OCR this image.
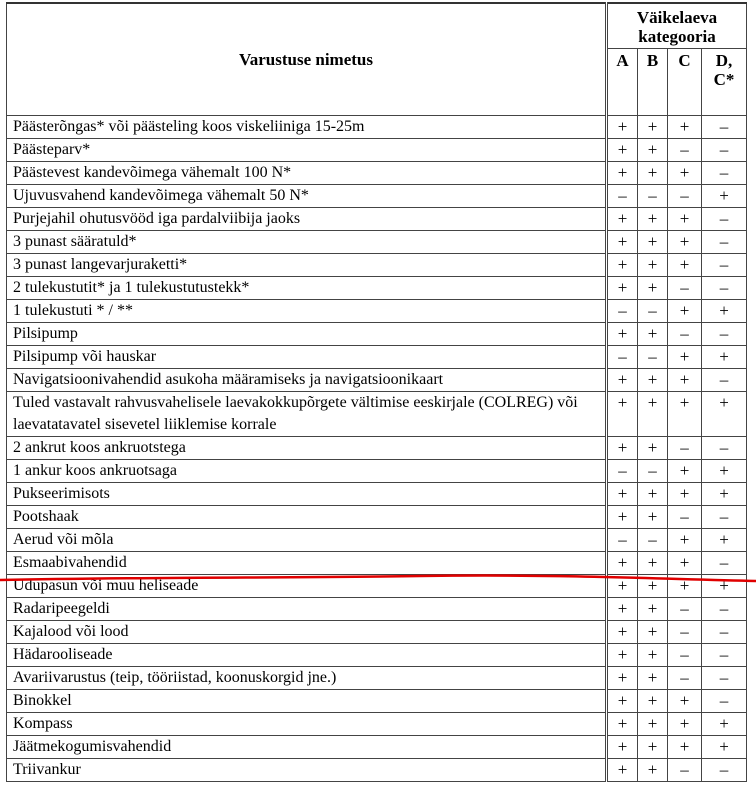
Varustuse nimetus	Väikelaeva
kategooria			
	A	B	C	D,
C*
Päästerõngas* või päästeling koos viskeliiniga 15-25m	+	+	+	–
Päästeparv*	+	+	–	–
Päästevest kandevõimega vähemalt 100 N*	+	+	+	–
Ujuvusvahend kandevõimega vähemalt 50 N*	–	–	–	+
Purjejahil ohutusvööd iga pardalviibija jaoks	+	+	+	–
3 punast sääratuld*	+	+	+	–
3 punast langevarjuraketti*	+	+	+	–
2 tulekustutit* ja 1 tulekustutustekk*	+	+	–	–
1 tulekustuti * / **	–	–	+	+
Pilsipump	+	+	–	–
Pilsipump või hauskar	–	–	+	+
Navigatsioonivahendid asukoha määramiseks ja navigatsioonikaart	+	+	+	–
Tuled vastavalt rahvusvahelisele laevakokkupõrgete vältimise eeskirjale (COLREG) või laevatatavatel sisevetel liiklemise korrale	+	+	+	+
2 ankrut koos ankruotstega	+	+	–	–
1 ankur koos ankruotsaga	–	–	+	+
Pukseerimisots	+	+	+	+
Pootshaak	+	+	–	–
Aerud või mõla	–	–	+	+
Esmaabivahendid	+	+	+	–
Udupasun või muu heliseade	+	+	+	+
Radaripeegeldi	+	+	–	–
Kajalood või lood	+	+	–	–
Hädarooliseade	+	+	–	–
Avariivarustus (teip, tööriistad, koonuskorgid jne.)	+	+	–	–
Binokkel	+	+	+	–
Kompass	+	+	+	+
Jäätmekogumisvahendid	+	+	+	+
Triivankur	+	+	–	–
